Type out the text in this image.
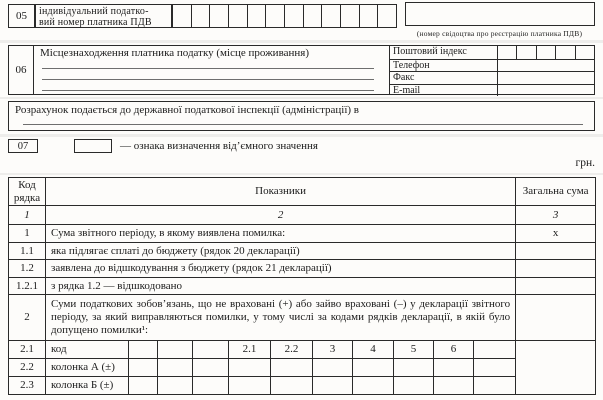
05 індивідуальний податко-
вий номер платника ПДВ
(номер свідоцтва про реєстрацію платника ПДВ)
06
Місцезнаходження платника податку (місце проживання)	Поштовий індекс
Телефон
Факс
E-mail
Розрахунок подається до державної податкової інспекції (адміністрації) в
07	— ознака визначення від’ємного значення
грн.
Код рядка	Показники											Загальна сума
1	2											3
1	Сума звітного періоду, в якому виявлена помилка:											х
1.1	яка підлягає сплаті до бюджету (рядок 20 декларації)											
1.2	заявлена до відшкодування з бюджету (рядок 21 декларації)											
1.2.1	з рядка 1.2 — відшкодовано											
2	Суми податкових зобов’язань, що не враховані (+) або зайво враховані (–) у декларації звітного періоду, за який виправляються помилки, у тому числі за кодами рядків декларації, в якій було допущено помилки¹:											
2.1	код				2.1	2.2	3	4	5	6		
2.2	колонка А (±)											
2.3	колонка Б (±)											
